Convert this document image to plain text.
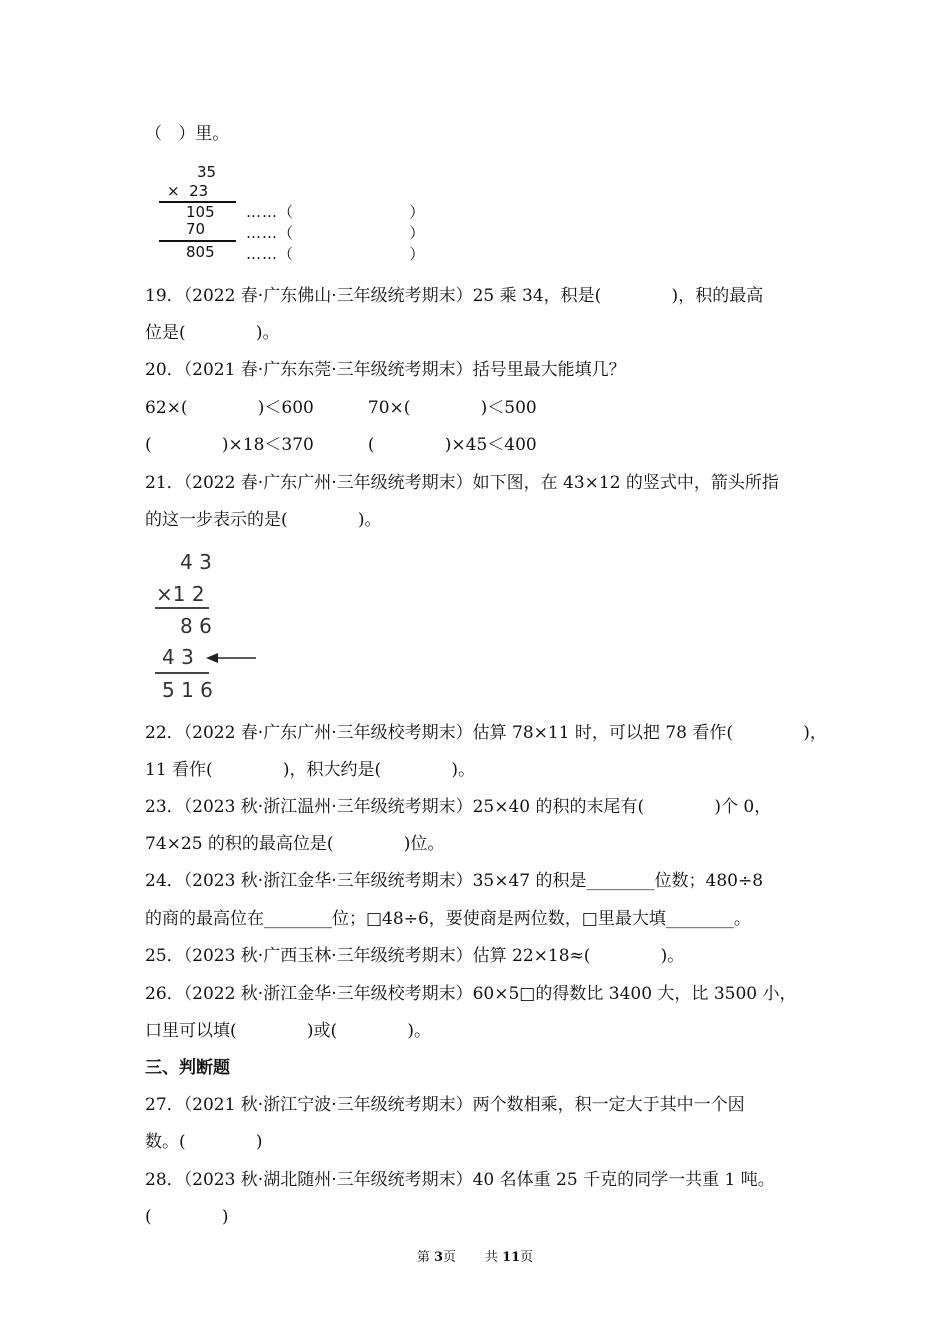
（   ）里。
35
×  23
105
70
805
……（                    ）
……（                    ）
……（                    ）
19．（2022 春·广东佛山·三年级统考期末）25 乘 34，积是(             )，积的最高
位是(             )。
20．（2021 春·广东东莞·三年级统考期末）括号里最大能填几？
62×(             )＜600          70×(             )＜500
(             )×18＜370          (             )×45＜400
21．（2022 春·广东广州·三年级统考期末）如下图，在 43×12 的竖式中，箭头所指
的这一步表示的是(             )。
4 3
×1 2
8 6
4 3
5 1 6
22．（2022 春·广东广州·三年级校考期末）估算 78×11 时，可以把 78 看作(             )，
11 看作(             )，积大约是(             )。
23．（2023 秋·浙江温州·三年级统考期末）25×40 的积的末尾有(             )个 0，
74×25 的积的最高位是(             )位。
24．（2023 秋·浙江金华·三年级统考期末）35×47 的积是________位数；480÷8
的商的最高位在________位；□48÷6，要使商是两位数，□里最大填________。
25．（2023 秋·广西玉林·三年级统考期末）估算 22×18≈(             )。
26．（2022 秋·浙江金华·三年级校考期末）60×5□的得数比 3400 大，比 3500 小，
口里可以填(             )或(             )。
三、判断题
27．（2021 秋·浙江宁波·三年级统考期末）两个数相乘，积一定大于其中一个因
数。(             )
28．（2023 秋·湖北随州·三年级统考期末）40 名体重 25 千克的同学一共重 1 吨。
(             )
第 3页       共 11页
